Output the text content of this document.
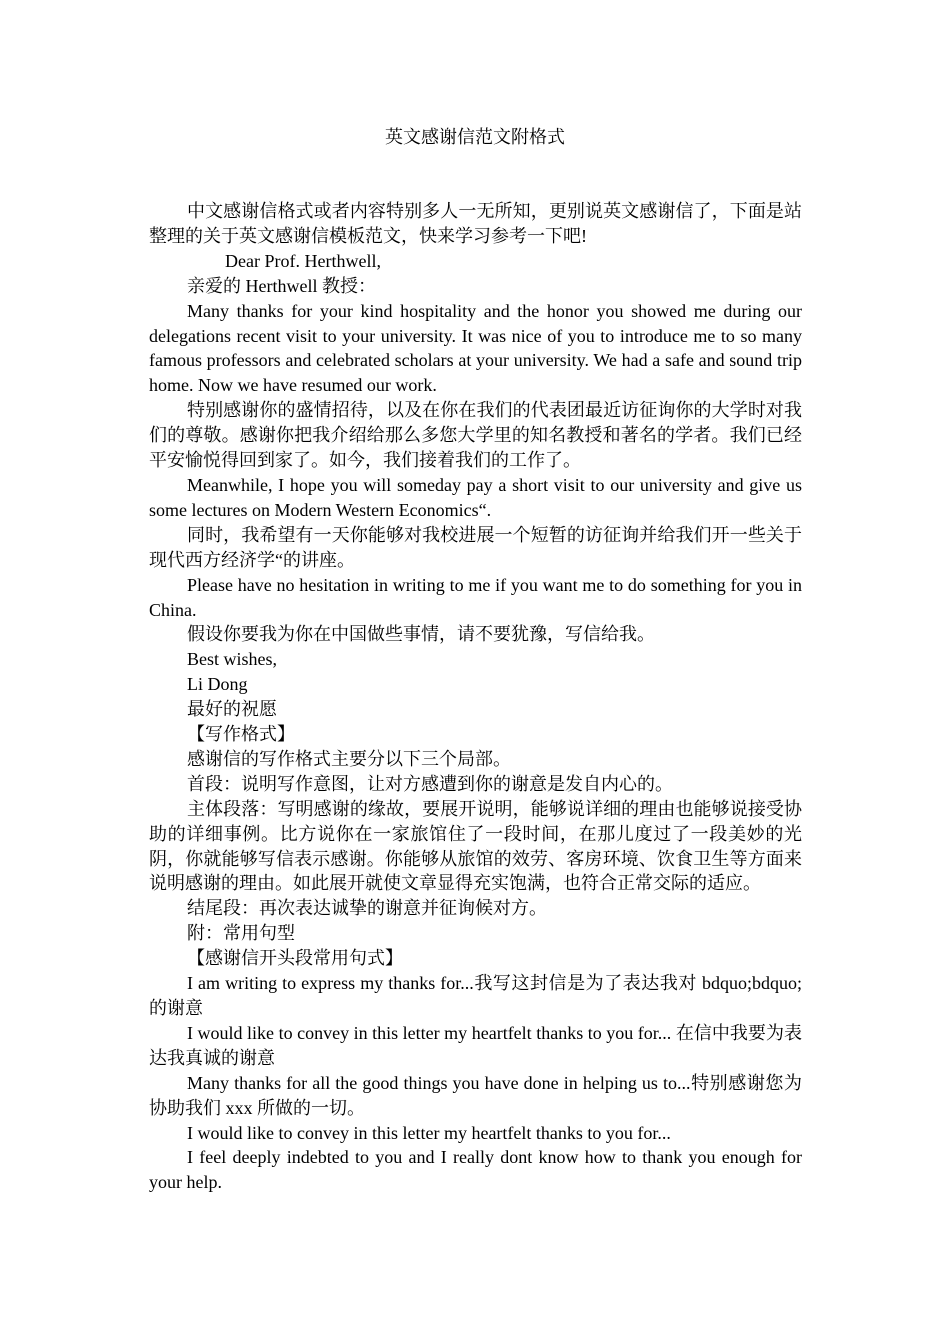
英文感谢信范文附格式

中文感谢信格式或者内容特别多人一无所知，更别说英文感谢信了，下面是站整理的关于英文感谢信模板范文，快来学习参考一下吧!

Dear Prof. Herthwell,

亲爱的 Herthwell 教授：

Many thanks for your kind hospitality and the honor you showed me during our delegations recent visit to your university. It was nice of you to introduce me to so many famous professors and celebrated scholars at your university. We had a safe and sound trip home. Now we have resumed our work.

特别感谢你的盛情招待，以及在你在我们的代表团最近访征询你的大学时对我们的尊敬。感谢你把我介绍给那么多您大学里的知名教授和著名的学者。我们已经平安愉悦得回到家了。如今，我们接着我们的工作了。

Meanwhile, I hope you will someday pay a short visit to our university and give us some lectures on Modern Western Economics“.

同时，我希望有一天你能够对我校进展一个短暂的访征询并给我们开一些关于现代西方经济学“的讲座。

Please have no hesitation in writing to me if you want me to do something for you in China.

假设你要我为你在中国做些事情，请不要犹豫，写信给我。

Best wishes,

Li Dong

最好的祝愿

【写作格式】

感谢信的写作格式主要分以下三个局部。

首段：说明写作意图，让对方感遭到你的谢意是发自内心的。

主体段落：写明感谢的缘故，要展开说明，能够说详细的理由也能够说接受协助的详细事例。比方说你在一家旅馆住了一段时间，在那儿度过了一段美妙的光阴，你就能够写信表示感谢。你能够从旅馆的效劳、客房环境、饮食卫生等方面来说明感谢的理由。如此展开就使文章显得充实饱满，也符合正常交际的适应。

结尾段：再次表达诚挚的谢意并征询候对方。

附：常用句型

【感谢信开头段常用句式】

I am writing to express my thanks for...我写这封信是为了表达我对 bdquo;bdquo;的谢意

I would like to convey in this letter my heartfelt thanks to you for... 在信中我要为表达我真诚的谢意

Many thanks for all the good things you have done in helping us to...特别感谢您为协助我们 xxx 所做的一切。

I would like to convey in this letter my heartfelt thanks to you for...

I feel deeply indebted to you and I really dont know how to thank you enough for your help.
